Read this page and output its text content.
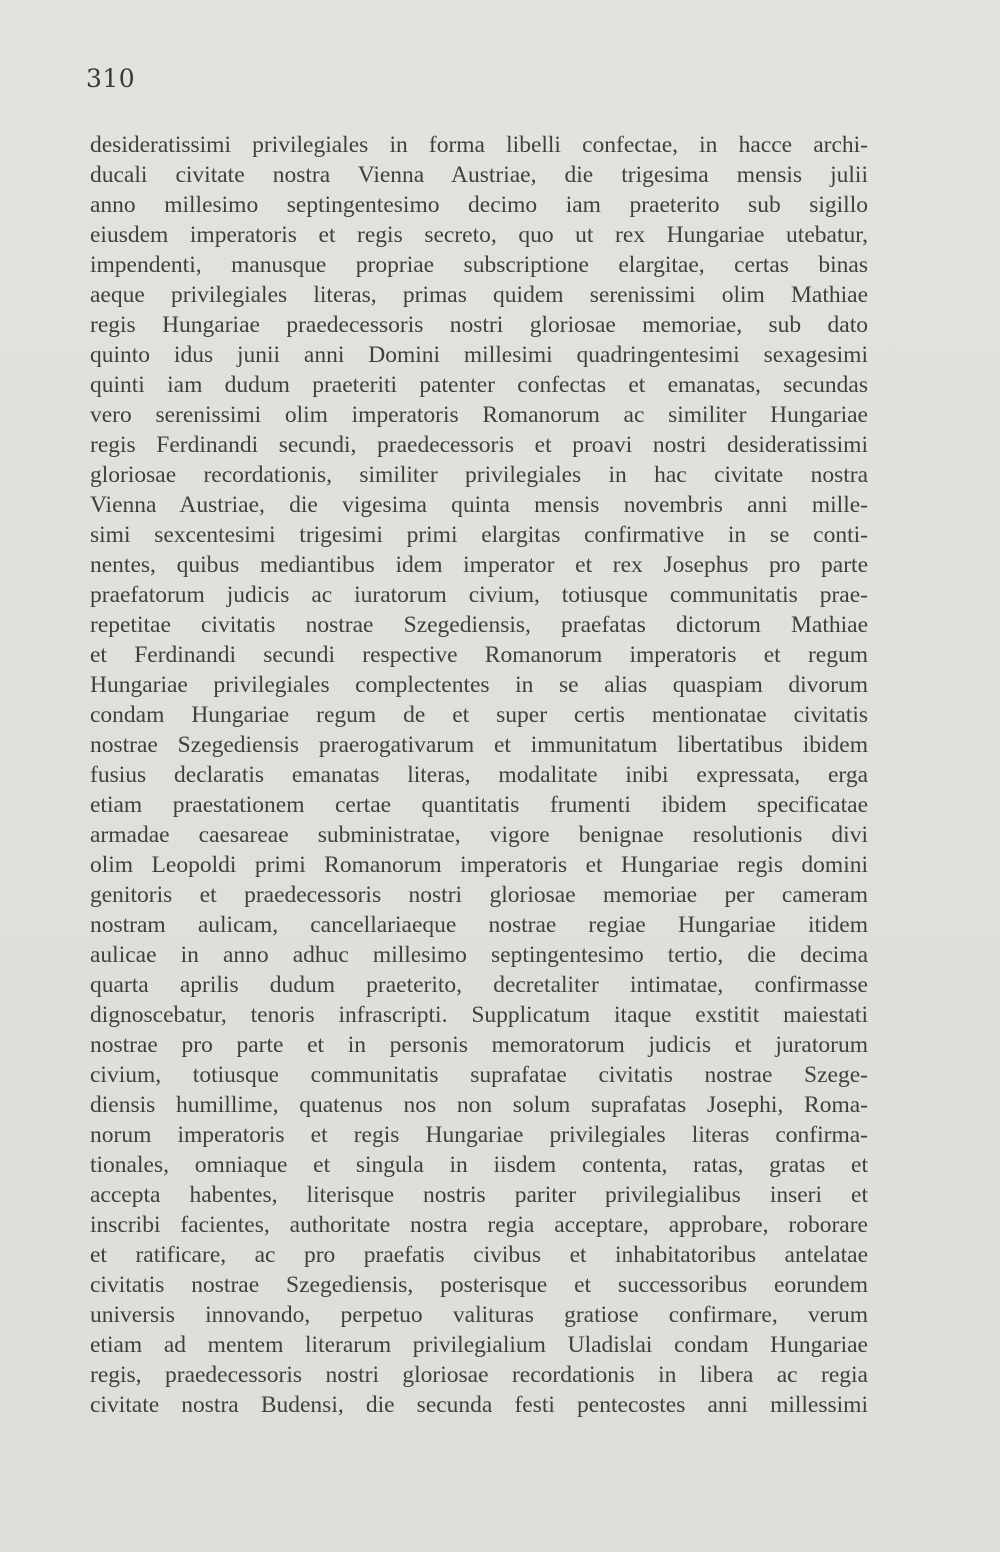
310
desideratissimi privilegiales in forma libelli confectae, in hacce archi-
ducali civitate nostra Vienna Austriae, die trigesima mensis julii
anno millesimo septingentesimo decimo iam praeterito sub sigillo
eiusdem imperatoris et regis secreto, quo ut rex Hungariae utebatur,
impendenti, manusque propriae subscriptione elargitae, certas binas
aeque privilegiales literas, primas quidem serenissimi olim Mathiae
regis Hungariae praedecessoris nostri gloriosae memoriae, sub dato
quinto idus junii anni Domini millesimi quadringentesimi sexagesimi
quinti iam dudum praeteriti patenter confectas et emanatas, secundas
vero serenissimi olim imperatoris Romanorum ac similiter Hungariae
regis Ferdinandi secundi, praedecessoris et proavi nostri desideratissimi
gloriosae recordationis, similiter privilegiales in hac civitate nostra
Vienna Austriae, die vigesima quinta mensis novembris anni mille-
simi sexcentesimi trigesimi primi elargitas confirmative in se conti-
nentes, quibus mediantibus idem imperator et rex Josephus pro parte
praefatorum judicis ac iuratorum civium, totiusque communitatis prae-
repetitae civitatis nostrae Szegediensis, praefatas dictorum Mathiae
et Ferdinandi secundi respective Romanorum imperatoris et regum
Hungariae privilegiales complectentes in se alias quaspiam divorum
condam Hungariae regum de et super certis mentionatae civitatis
nostrae Szegediensis praerogativarum et immunitatum libertatibus ibidem
fusius declaratis emanatas literas, modalitate inibi expressata, erga
etiam praestationem certae quantitatis frumenti ibidem specificatae
armadae caesareae subministratae, vigore benignae resolutionis divi
olim Leopoldi primi Romanorum imperatoris et Hungariae regis domini
genitoris et praedecessoris nostri gloriosae memoriae per cameram
nostram aulicam, cancellariaeque nostrae regiae Hungariae itidem
aulicae in anno adhuc millesimo septingentesimo tertio, die decima
quarta aprilis dudum praeterito, decretaliter intimatae, confirmasse
dignoscebatur, tenoris infrascripti. Supplicatum itaque exstitit maiestati
nostrae pro parte et in personis memoratorum judicis et juratorum
civium, totiusque communitatis suprafatae civitatis nostrae Szege-
diensis humillime, quatenus nos non solum suprafatas Josephi, Roma-
norum imperatoris et regis Hungariae privilegiales literas confirma-
tionales, omniaque et singula in iisdem contenta, ratas, gratas et
accepta habentes, literisque nostris pariter privilegialibus inseri et
inscribi facientes, authoritate nostra regia acceptare, approbare, roborare
et ratificare, ac pro praefatis civibus et inhabitatoribus antelatae
civitatis nostrae Szegediensis, posterisque et successoribus eorundem
universis innovando, perpetuo valituras gratiose confirmare, verum
etiam ad mentem literarum privilegialium Uladislai condam Hungariae
regis, praedecessoris nostri gloriosae recordationis in libera ac regia
civitate nostra Budensi, die secunda festi pentecostes anni millessimi
